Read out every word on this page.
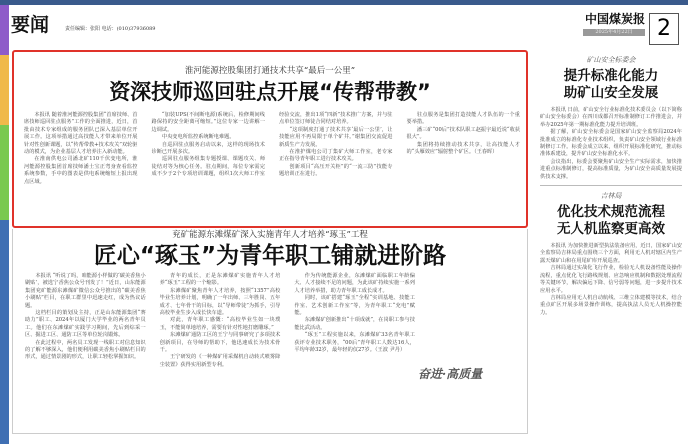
要闻	责任编辑：张阳 电话：(010)37936089
中国煤炭报
2025年4月22日	2
淮河能源控股集团打通技术共享“最后一公里”
资深技师巡回驻点开展“传帮带教”

本报讯 随着淮河能源控股集团“首席技师、首席技师巡回驻点服务”工作的全面推进，近日，首批由技术专家组成的服务团队已深入基层单位开展工作。这项举措通过高技能人才带来单位开展针对性创新课题，以“传帮带教+技术攻关”双轮驱动的模式，为企业基层人才培养注入新动能。

在淮南供电公司潘北矿110千伏变电所，淮河能源控股集团首席技师潘士宝正弯身查看监控系统参数，手中的图表是供电系统缩短上报出现点区域。

“加装UPS(不间断电源)系统后，检修期间线路保持的安全距离可缩短。”这位专家一边讲解一边调试。

中央变电所监控系统断电难题。

自巡回驻点服务启动以来，这样的现场技术诊断已开展多次。

巡回驻点服务组集专题授课、课题攻关、师徒结对等为核心任务。驻点期间，每位专家需完成不少于2个专项培训课题，组织1次大师工作室经验交流，推出1项“四新”技术推广方案，并与驻点单位签订师徒合同结对培养。

“这项制度打通了技术共享‘最后一公里’，让技能应用不再局限于单个矿井。”谢集团交流促进新质生产力发展。

在淮护煤电公司丁集矿大师工作室，老专家正在指导青年职工进行技术攻关。

创新项目“高压开关柜”的“一流三防”技能专题培训正在进行。

驻点服务是集团打造技能人才队伍的一个重要举措。

潘三矿“00后”技术队职工赵振宇最近说“收获很大”。

集团将持续推动技术共享，让高技能人才的“头雁效应”辐射整个矿区。（王春晖）

兖矿能源东滩煤矿深入实施青年人才培养“琢玉”工程
匠心“琢玉”为青年职工铺就进阶路

本报讯 “听说了吗，咱能源小样做的‘碳美香焦小刷贴’，被选宁香焦公众号刊发了！”近日，山东能源集团兖矿能源东滩煤矿微信公众号推出的“碳美香焦小刷贴”栏目，在职工群里中迅速走红，成为热议话题。

这档栏目的策划及主持，正是山东能源集团“赛助力”职工、2024年以厦门大学毕业的两名青年员工。他们在东滩煤矿实践学习期间，先后到综采一区、掘进工区、通防工区等单位轮岗锻炼。

在此过程中，两名员工发现一线职工对信息知识的了解不够深入，他们便利用碳美香焦小刷贴栏目的形式，通过情景剧的形式，让职工轻松掌握知识。

青年的成长，正是东滩煤矿实施青年人才培养“琢玉”工程的一个缩影。

东滩煤矿聚焦青年人才培养，按照“1357”高校毕业生培养计划，明确了一年出师、三年胜岗、五年成才、七年骨干的目标，以“导师带徒”为抓手，引导高校毕业生步入成长快车道。

对此，青年职工感慨：“高校毕业生如一块璞玉，不能简单地培养，需要有针对性地打磨雕琢。”

东滩煤矿通防工区的王宁与同事研究了多项技术创新项目，在导师的帮助下，他迅速成长为技术骨干。

王宁研发的《一种煤矿用采煤机自动转式喷雾降尘装置》获得实用新型专利。

作为传统能源企业，东滩煤矿面临职工年龄偏大、人才接续不足的问题，为此该矿持续实施一系列人才培养举措，助力青年职工成长成才。

同时，该矿搭建“琢玉”全程“实训基地、技能工作室、艺术创新工作室”等，为青年职工“充电”赋能。

东滩煤矿创新推出“十项成就”，在岗职工参与技能比武活动。

“琢玉”工程实施以来，东滩煤矿33名青年职工获评专业技术职务，“00后”青年职工人数达16人，平均年龄32岁，最年轻的仅27岁。（王波 尹丹）

奋进·高质量
矿山安全标委会
提升标准化能力
助矿山安全发展

本报讯 日前，矿山安全行业标准化技术委员会（以下简称矿山安全标委会）在四川成都召开标准制修订工作推进会，并举办2025年第一期标准化能力提升培训班。

据了解，矿山安全标委会是国家矿山安全监察局2024年批准成立的标准化专业技术组织，负责矿山安全领域行业标准制修订工作。标委会成立以来，组织开展标准化研究，推动标准体系建设，提升矿山安全标准化水平。

会议指出，标委会要聚焦矿山安全生产实际需求，加快推进重点标准制修订，提高标准质量，为矿山安全高质量发展提供技术支撑。

吉林局
优化技术规范流程
无人机监察更高效

本报讯 为加快推进新型执法装备应用，近日，国家矿山安全监察局吉林局重点围绕三个方面，利用无人机对辖区内生产露天煤矿山和在用尾矿库开展巡查。

吉林局通过实战化飞行作业，检验无人机设备性能及操作流程，重点优化飞行路线规划、应急响应机制和数据处理流程等关键环节，解决偏远下降、信号弱等问题，进一步提升技术应用水平。

吉林局应用无人机自动航线、三维立体建模等技术，结合重点矿区开展多场景操作训练，提高执法人员无人机操控能力。
